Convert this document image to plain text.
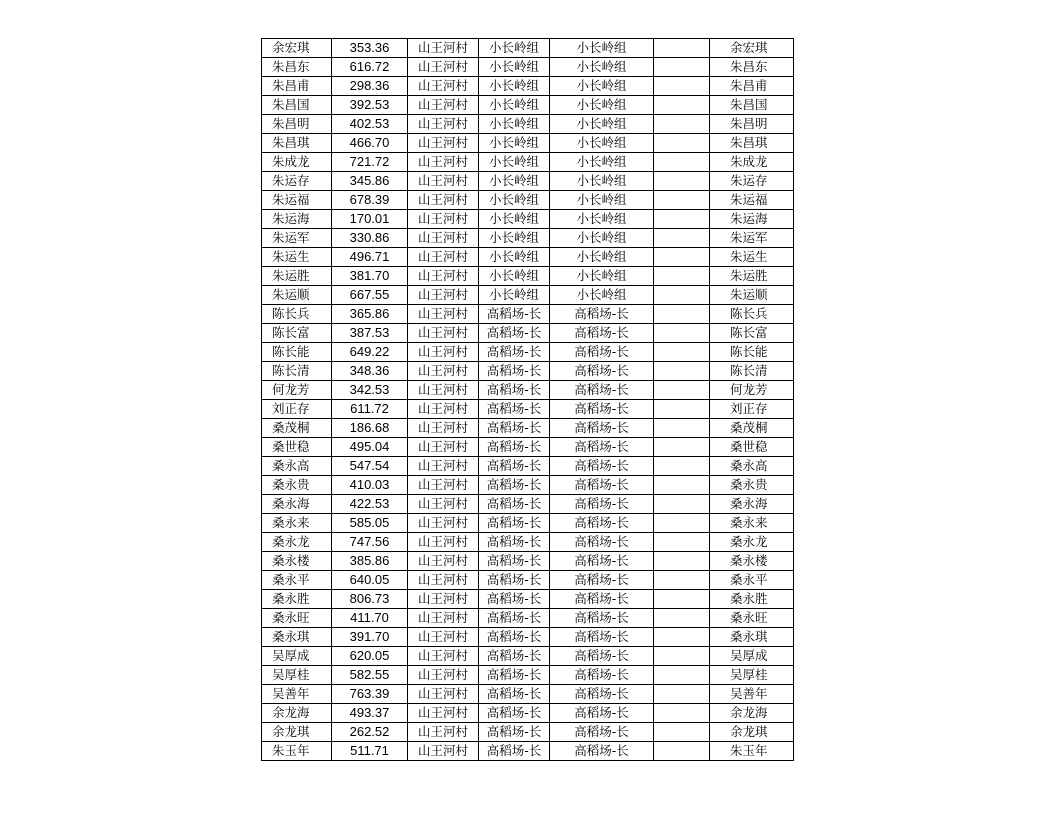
余宏琪	353.36	山王河村	小长岭组	小长岭组		余宏琪
朱昌东	616.72	山王河村	小长岭组	小长岭组		朱昌东
朱昌甫	298.36	山王河村	小长岭组	小长岭组		朱昌甫
朱昌国	392.53	山王河村	小长岭组	小长岭组		朱昌国
朱昌明	402.53	山王河村	小长岭组	小长岭组		朱昌明
朱昌琪	466.70	山王河村	小长岭组	小长岭组		朱昌琪
朱成龙	721.72	山王河村	小长岭组	小长岭组		朱成龙
朱运存	345.86	山王河村	小长岭组	小长岭组		朱运存
朱运福	678.39	山王河村	小长岭组	小长岭组		朱运福
朱运海	170.01	山王河村	小长岭组	小长岭组		朱运海
朱运军	330.86	山王河村	小长岭组	小长岭组		朱运军
朱运生	496.71	山王河村	小长岭组	小长岭组		朱运生
朱运胜	381.70	山王河村	小长岭组	小长岭组		朱运胜
朱运顺	667.55	山王河村	小长岭组	小长岭组		朱运顺
陈长兵	365.86	山王河村	高稻场-长	高稻场-长		陈长兵
陈长富	387.53	山王河村	高稻场-长	高稻场-长		陈长富
陈长能	649.22	山王河村	高稻场-长	高稻场-长		陈长能
陈长清	348.36	山王河村	高稻场-长	高稻场-长		陈长清
何龙芳	342.53	山王河村	高稻场-长	高稻场-长		何龙芳
刘正存	611.72	山王河村	高稻场-长	高稻场-长		刘正存
桑茂桐	186.68	山王河村	高稻场-长	高稻场-长		桑茂桐
桑世稳	495.04	山王河村	高稻场-长	高稻场-长		桑世稳
桑永高	547.54	山王河村	高稻场-长	高稻场-长		桑永高
桑永贵	410.03	山王河村	高稻场-长	高稻场-长		桑永贵
桑永海	422.53	山王河村	高稻场-长	高稻场-长		桑永海
桑永来	585.05	山王河村	高稻场-长	高稻场-长		桑永来
桑永龙	747.56	山王河村	高稻场-长	高稻场-长		桑永龙
桑永楼	385.86	山王河村	高稻场-长	高稻场-长		桑永楼
桑永平	640.05	山王河村	高稻场-长	高稻场-长		桑永平
桑永胜	806.73	山王河村	高稻场-长	高稻场-长		桑永胜
桑永旺	411.70	山王河村	高稻场-长	高稻场-长		桑永旺
桑永琪	391.70	山王河村	高稻场-长	高稻场-长		桑永琪
吴厚成	620.05	山王河村	高稻场-长	高稻场-长		吴厚成
吴厚桂	582.55	山王河村	高稻场-长	高稻场-长		吴厚桂
吴善年	763.39	山王河村	高稻场-长	高稻场-长		吴善年
余龙海	493.37	山王河村	高稻场-长	高稻场-长		余龙海
余龙琪	262.52	山王河村	高稻场-长	高稻场-长		余龙琪
朱玉年	511.71	山王河村	高稻场-长	高稻场-长		朱玉年
